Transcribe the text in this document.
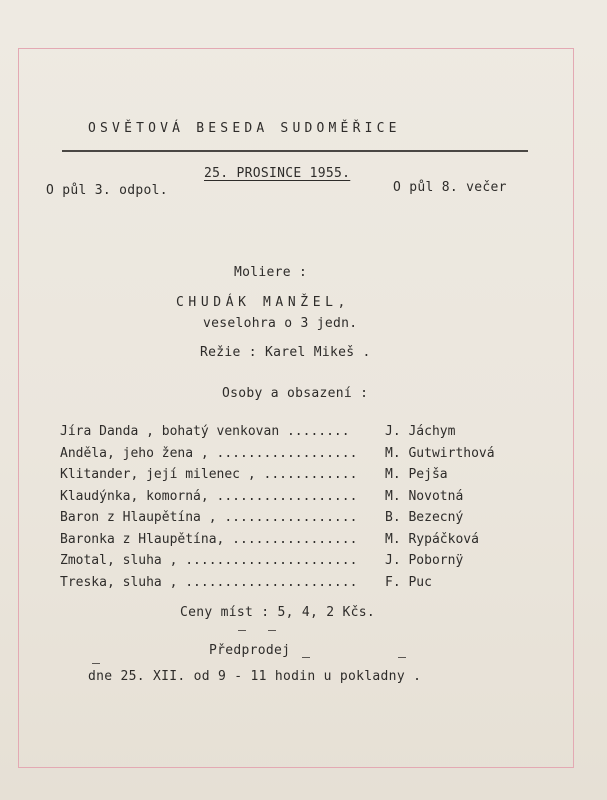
OSVĚTOVÁ BESEDA SUDOMĚŘICE
25. PROSINCE 1955.
O půl 3. odpol.	O půl 8. večer
Moliere :
CHUDÁK MANŽEL,
veselohra o 3 jedn.
Režie : Karel Mikeš .
Osoby a obsazení :
Jíra Danda , bohatý venkovan ........	J. Jáchym
Anděla, jeho žena , .................. M. Gutwirthová
Klitander, její milenec , ............ M. Pejša
Klaudýnka, komorná, .................. M. Novotná
Baron z Hlaupětína , ................. B. Bezecný
Baronka z Hlaupětína, ................ M. Rypáčková
Zmotal, sluha , ...................... J. Pobornÿ
Treska, sluha , ...................... F. Puc
Ceny míst : 5, 4, 2 Kčs.
Předprodej
dne 25. XII. od 9 - 11 hodin u pokladny .
